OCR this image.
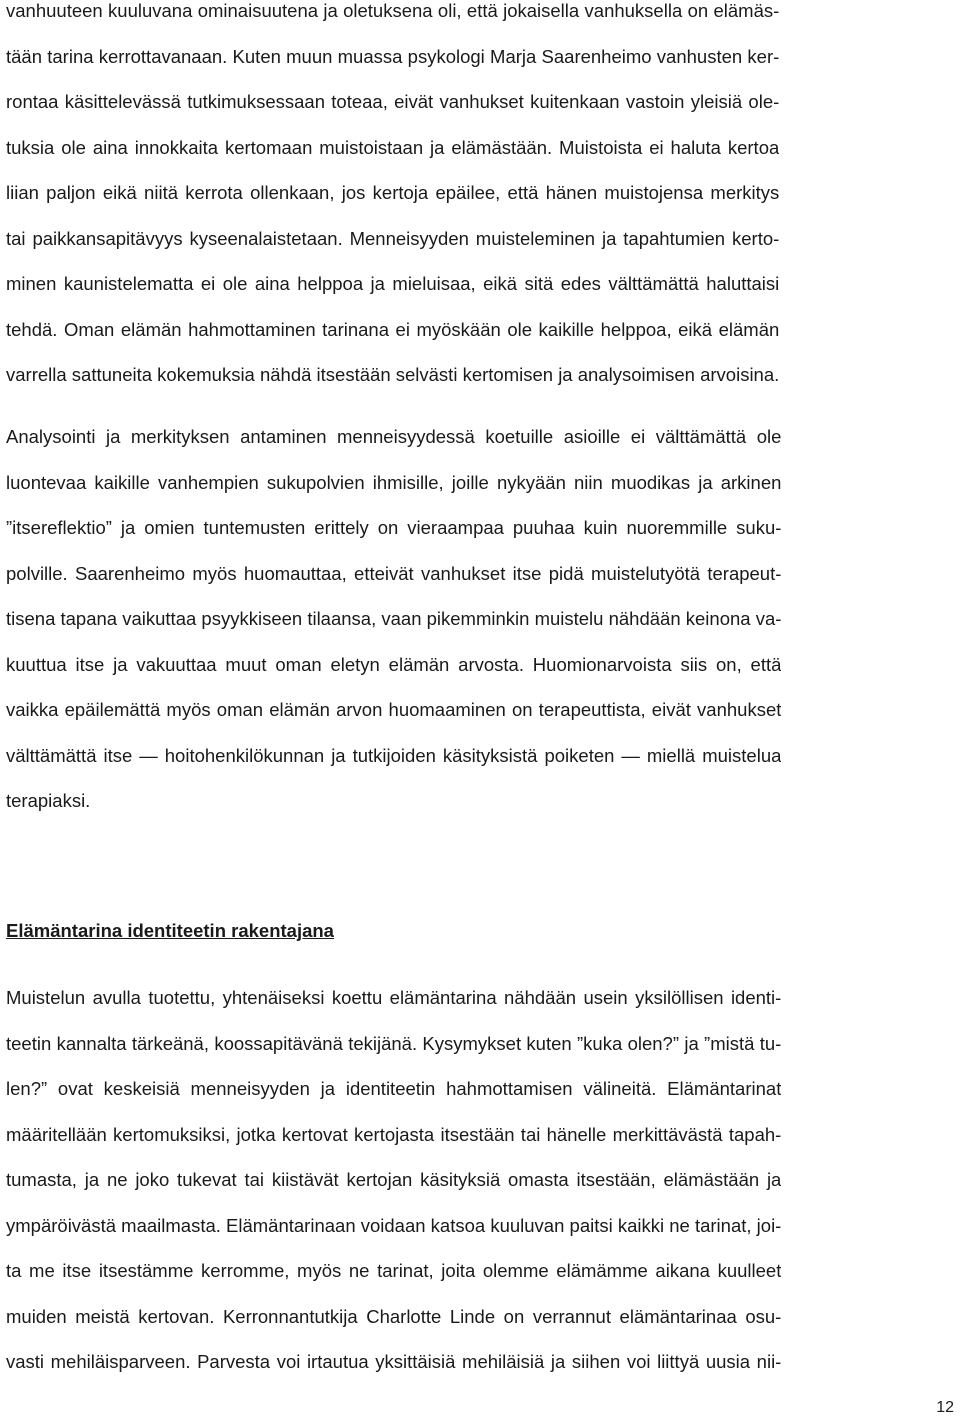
vanhuuteen kuuluvana ominaisuutena ja oletuksena oli, että jokaisella vanhuksella on elämäs-
tään tarina kerrottavanaan. Kuten muun muassa psykologi Marja Saarenheimo vanhusten ker-
rontaa käsittelevässä tutkimuksessaan toteaa, eivät vanhukset kuitenkaan vastoin yleisiä ole-
tuksia ole aina innokkaita kertomaan muistoistaan ja elämästään. Muistoista ei haluta kertoa
liian paljon eikä niitä kerrota ollenkaan, jos kertoja epäilee, että hänen muistojensa merkitys
tai paikkansapitävyys kyseenalaistetaan. Menneisyyden muisteleminen ja tapahtumien kerto-
minen kaunistelematta ei ole aina helppoa ja mieluisaa, eikä sitä edes välttämättä haluttaisi
tehdä. Oman elämän hahmottaminen tarinana ei myöskään ole kaikille helppoa, eikä elämän
varrella sattuneita kokemuksia nähdä itsestään selvästi kertomisen ja analysoimisen arvoisina.

Analysointi ja merkityksen antaminen menneisyydessä koetuille asioille ei välttämättä ole
luontevaa kaikille vanhempien sukupolvien ihmisille, joille nykyään niin muodikas ja arkinen
”itsereflektio” ja omien tuntemusten erittely on vieraampaa puuhaa kuin nuoremmille suku-
polville. Saarenheimo myös huomauttaa, etteivät vanhukset itse pidä muistelutyötä terapeut-
tisena tapana vaikuttaa psyykkiseen tilaansa, vaan pikemminkin muistelu nähdään keinona va-
kuuttua itse ja vakuuttaa muut oman eletyn elämän arvosta. Huomionarvoista siis on, että
vaikka epäilemättä myös oman elämän arvon huomaaminen on terapeuttista, eivät vanhukset
välttämättä itse — hoitohenkilökunnan ja tutkijoiden käsityksistä poiketen — miellä muistelua
terapiaksi.

Elämäntarina identiteetin rakentajana

Muistelun avulla tuotettu, yhtenäiseksi koettu elämäntarina nähdään usein yksilöllisen identi-
teetin kannalta tärkeänä, koossapitävänä tekijänä. Kysymykset kuten ”kuka olen?” ja ”mistä tu-
len?” ovat keskeisiä menneisyyden ja identiteetin hahmottamisen välineitä. Elämäntarinat
määritellään kertomuksiksi, jotka kertovat kertojasta itsestään tai hänelle merkittävästä tapah-
tumasta, ja ne joko tukevat tai kiistävät kertojan käsityksiä omasta itsestään, elämästään ja
ympäröivästä maailmasta. Elämäntarinaan voidaan katsoa kuuluvan paitsi kaikki ne tarinat, joi-
ta me itse itsestämme kerromme, myös ne tarinat, joita olemme elämämme aikana kuulleet
muiden meistä kertovan. Kerronnantutkija Charlotte Linde on verrannut elämäntarinaa osu-
vasti mehiläisparveen. Parvesta voi irtautua yksittäisiä mehiläisiä ja siihen voi liittyä uusia nii-

12
